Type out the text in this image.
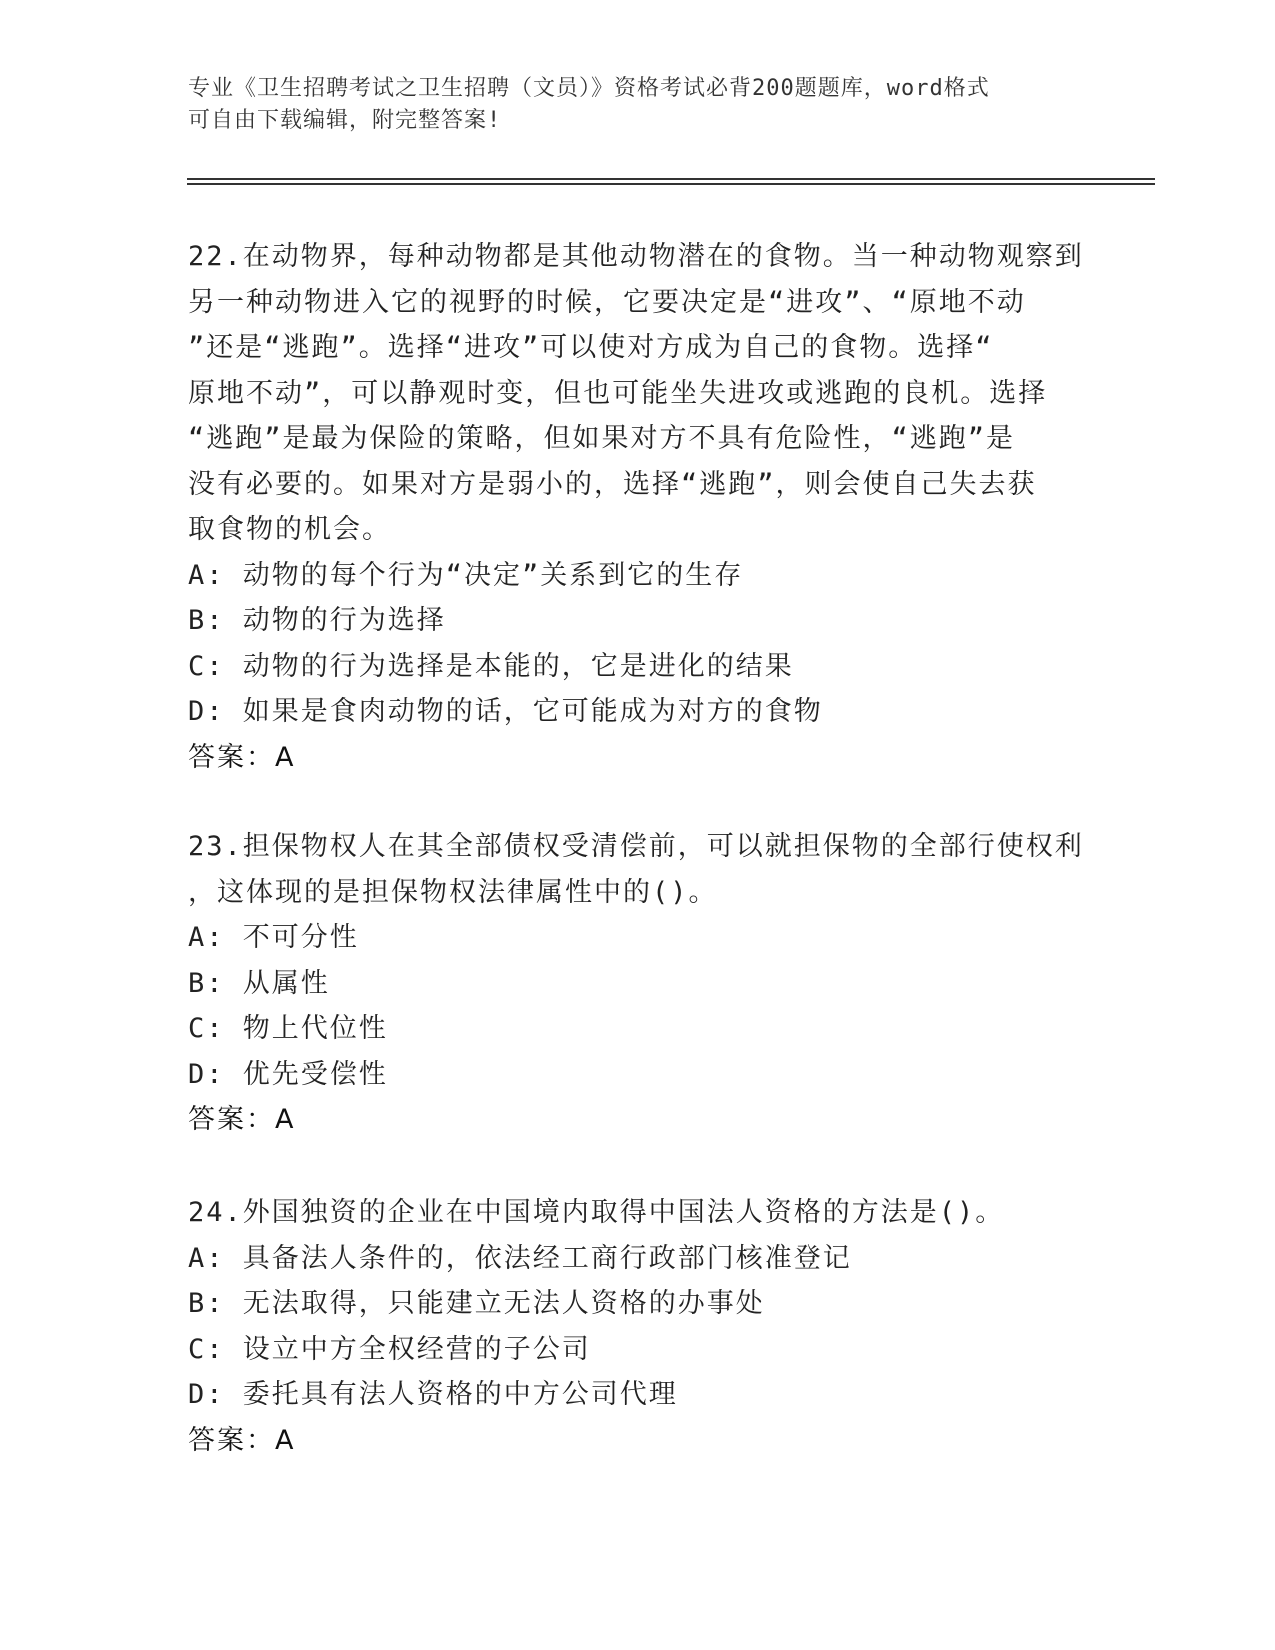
专业《卫生招聘考试之卫生招聘（文员）》资格考试必背200题题库，word格式
可自由下载编辑，附完整答案!
22.在动物界，每种动物都是其他动物潜在的食物。当一种动物观察到
另一种动物进入它的视野的时候，它要决定是“进攻”、“原地不动
”还是“逃跑”。选择“进攻”可以使对方成为自己的食物。选择“
原地不动”，可以静观时变，但也可能坐失进攻或逃跑的良机。选择
“逃跑”是最为保险的策略，但如果对方不具有危险性，“逃跑”是
没有必要的。如果对方是弱小的，选择“逃跑”，则会使自己失去获
取食物的机会。
A: 动物的每个行为“决定”关系到它的生存
B: 动物的行为选择
C: 动物的行为选择是本能的，它是进化的结果
D: 如果是食肉动物的话，它可能成为对方的食物
答案：A
23.担保物权人在其全部债权受清偿前，可以就担保物的全部行使权利
，这体现的是担保物权法律属性中的()。
A: 不可分性
B: 从属性
C: 物上代位性
D: 优先受偿性
答案：A
24.外国独资的企业在中国境内取得中国法人资格的方法是()。
A: 具备法人条件的，依法经工商行政部门核准登记
B: 无法取得，只能建立无法人资格的办事处
C: 设立中方全权经营的子公司
D: 委托具有法人资格的中方公司代理
答案：A
